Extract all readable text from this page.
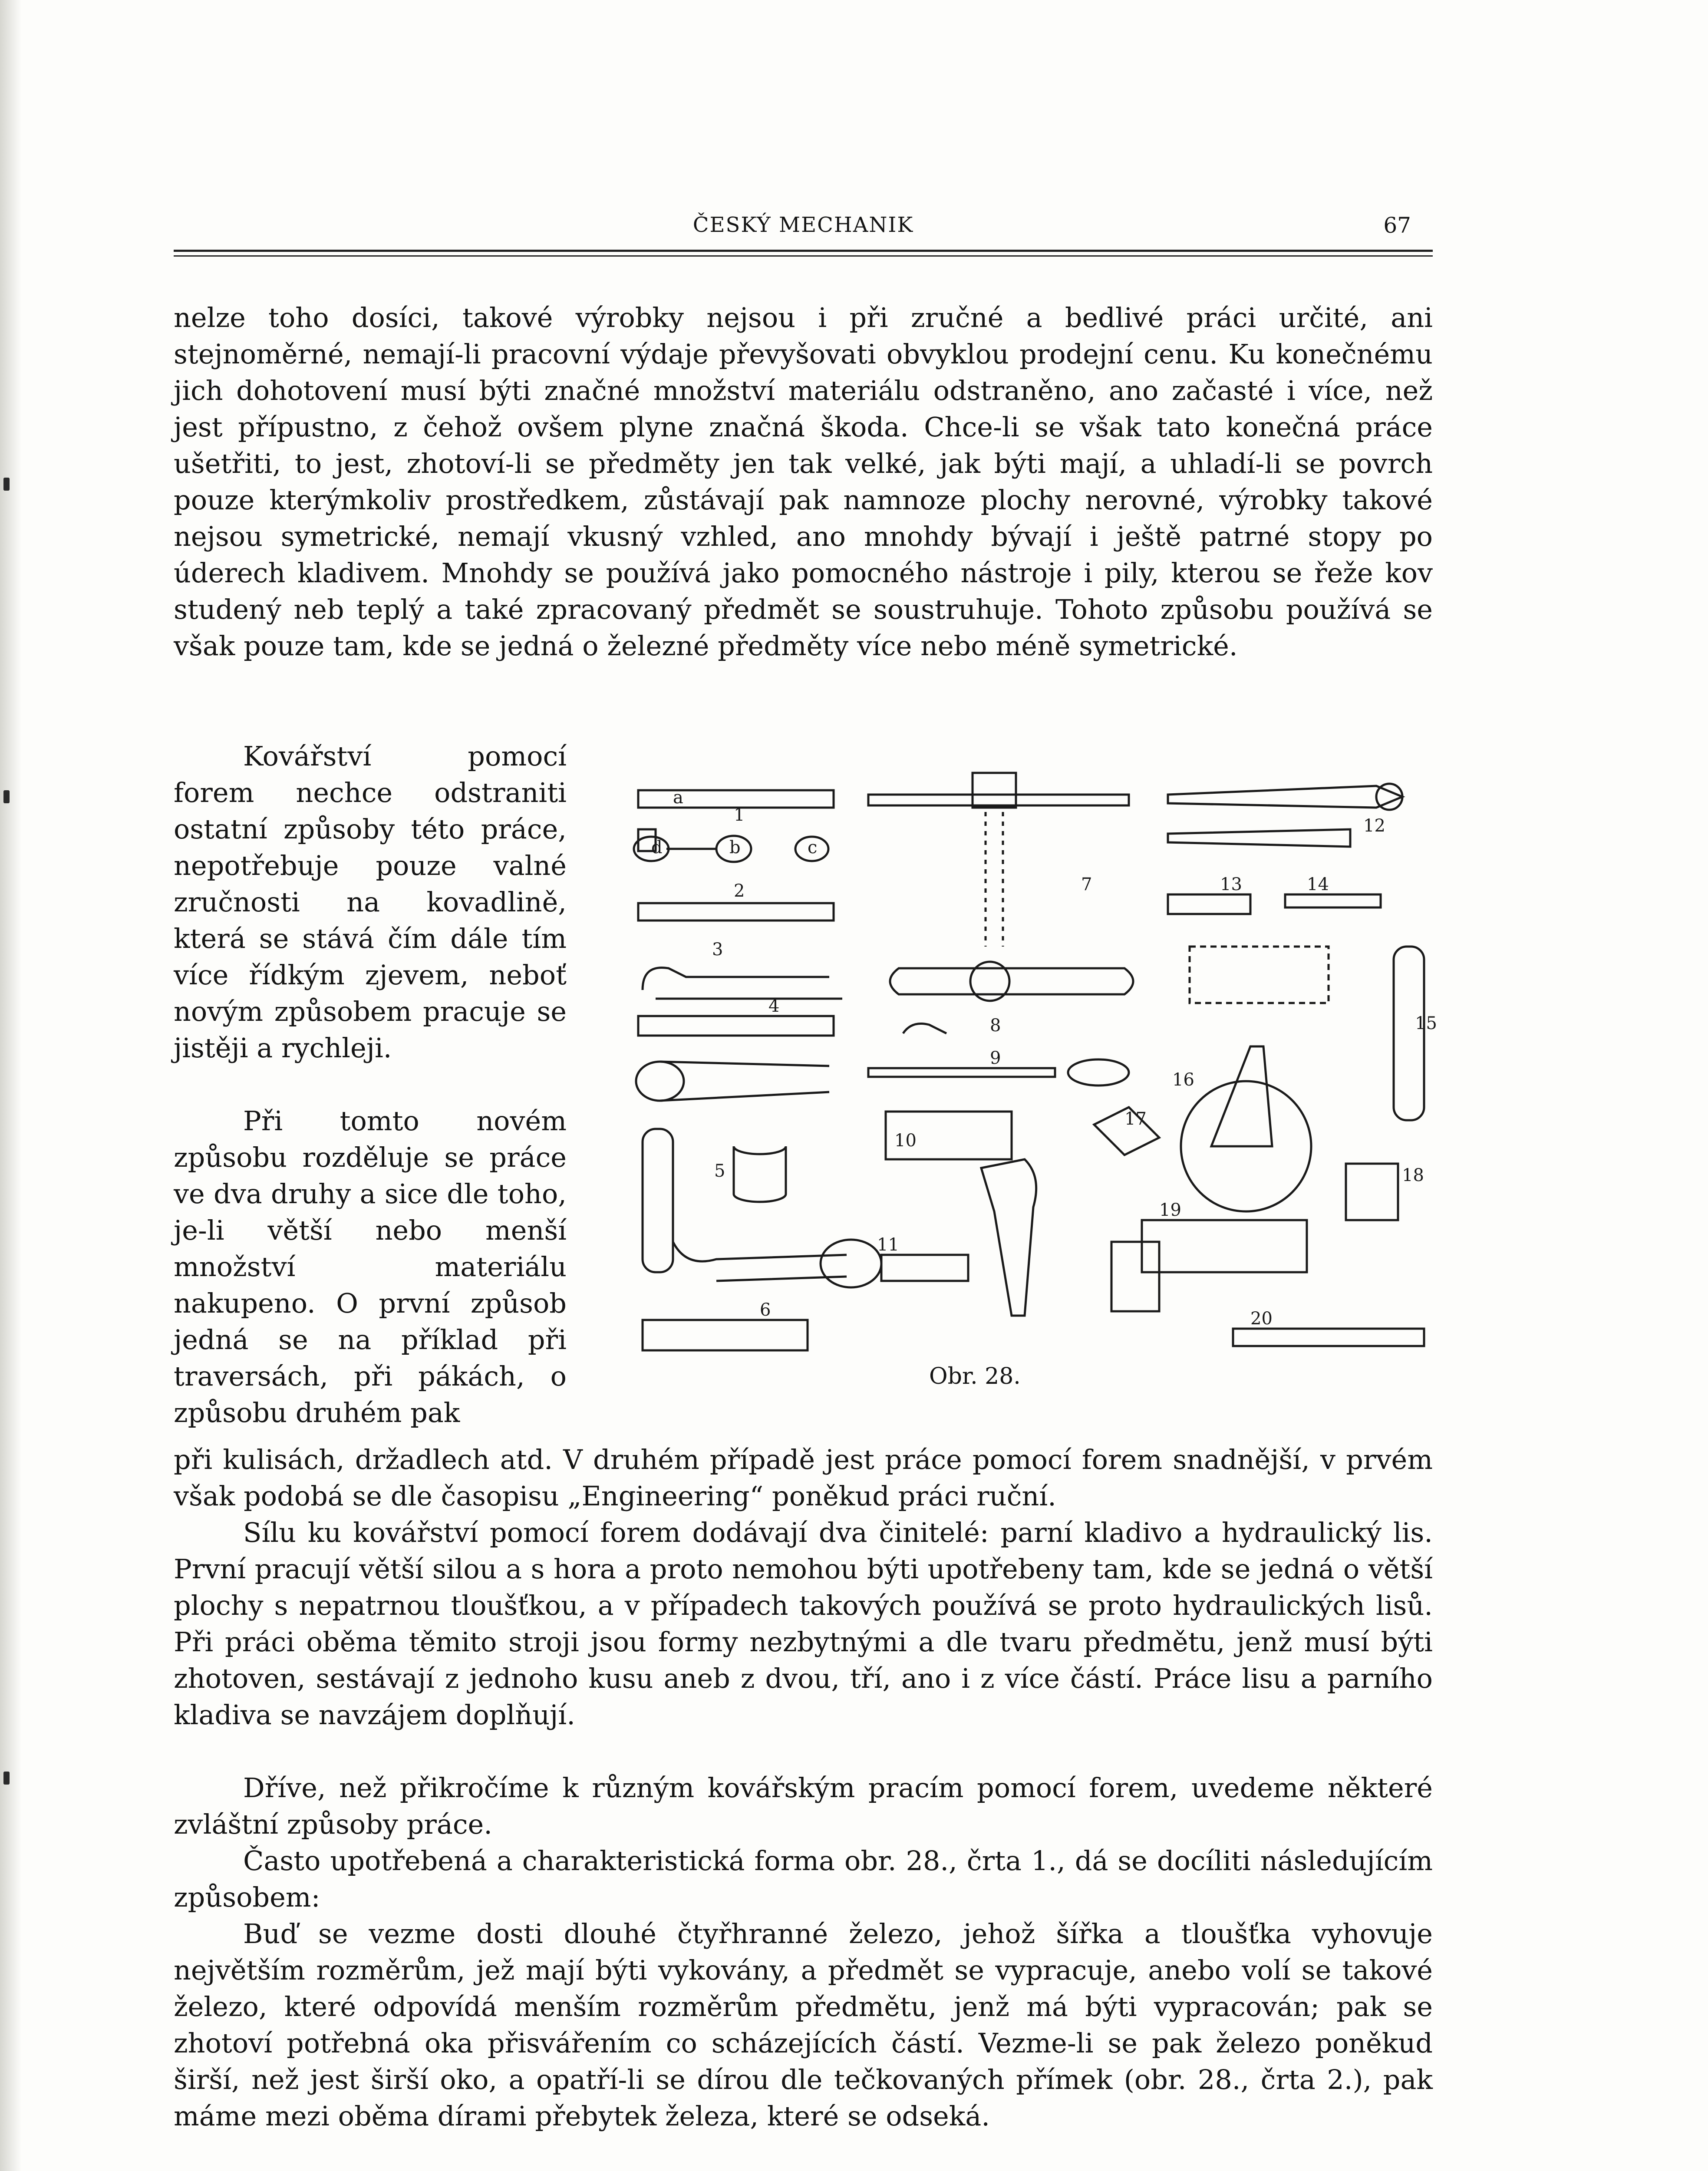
ČESKÝ MECHANIK	67

nelze toho dosíci, takové výrobky nejsou i při zručné a bedlivé práci určité, ani stejnoměrné, nemají-li pracovní výdaje převyšovati obvyklou prodejní cenu. Ku konečnému jich dohotovení musí býti značné množství materiálu odstraněno, ano začasté i více, než jest přípustno, z čehož ovšem plyne značná škoda. Chce-li se však tato konečná práce ušetřiti, to jest, zhotoví-li se předměty jen tak velké, jak býti mají, a uhladí-li se povrch pouze kterýmkoliv prostředkem, zůstávají pak namnoze plochy nerovné, výrobky takové nejsou symetrické, nemají vkusný vzhled, ano mnohdy bývají i ještě patrné stopy po úderech kladivem. Mnohdy se používá jako pomocného nástroje i pily, kterou se řeže kov studený neb teplý a také zpracovaný předmět se soustruhuje. Tohoto způsobu používá se však pouze tam, kde se jedná o železné předměty více nebo méně symetrické.

Kovářství pomocí forem nechce odstraniti ostatní způsoby této práce, nepotřebuje pouze valné zručnosti na kovadlině, která se stává čím dále tím více řídkým zjevem, neboť novým způsobem pracuje se jistěji a rychleji.

Při tomto novém způsobu rozděluje se práce ve dva druhy a sice dle toho, je-li větší nebo menší množství materiálu nakupeno. O první způsob jedná se na příklad při traversách, při pákách, o způsobu druhém pak

1
2
3
4
5
6
7
8
9
10
11
12
13	14
15
16
17
18
19
20
a
b	c
d
Obr. 28.

při kulisách, držadlech atd. V druhém případě jest práce pomocí forem snadnější, v prvém však podobá se dle časopisu „Engineering“ poněkud práci ruční.

Sílu ku kovářství pomocí forem dodávají dva činitelé: parní kladivo a hydraulický lis. První pracují větší silou a s hora a proto nemohou býti upotřebeny tam, kde se jedná o větší plochy s nepatrnou tloušťkou, a v případech takových používá se proto hydraulických lisů. Při práci oběma těmito stroji jsou formy nezbytnými a dle tvaru předmětu, jenž musí býti zhotoven, sestávají z jednoho kusu aneb z dvou, tří, ano i z více částí. Práce lisu a parního kladiva se navzájem doplňují.

Dříve, než přikročíme k různým kovářským pracím pomocí forem, uvedeme některé zvláštní způsoby práce.

Často upotřebená a charakteristická forma obr. 28., črta 1., dá se docíliti následujícím způsobem:

Buď se vezme dosti dlouhé čtyřhranné železo, jehož šířka a tloušťka vyhovuje největším rozměrům, jež mají býti vykovány, a předmět se vypracuje, anebo volí se takové železo, které odpovídá menším rozměrům předmětu, jenž má býti vypracován; pak se zhotoví potřebná oka přisvářením co scházejících částí. Vezme-li se pak železo poněkud širší, než jest širší oko, a opatří-li se dírou dle tečkovaných přímek (obr. 28., črta 2.), pak máme mezi oběma dírami přebytek železa, které se odseká.
